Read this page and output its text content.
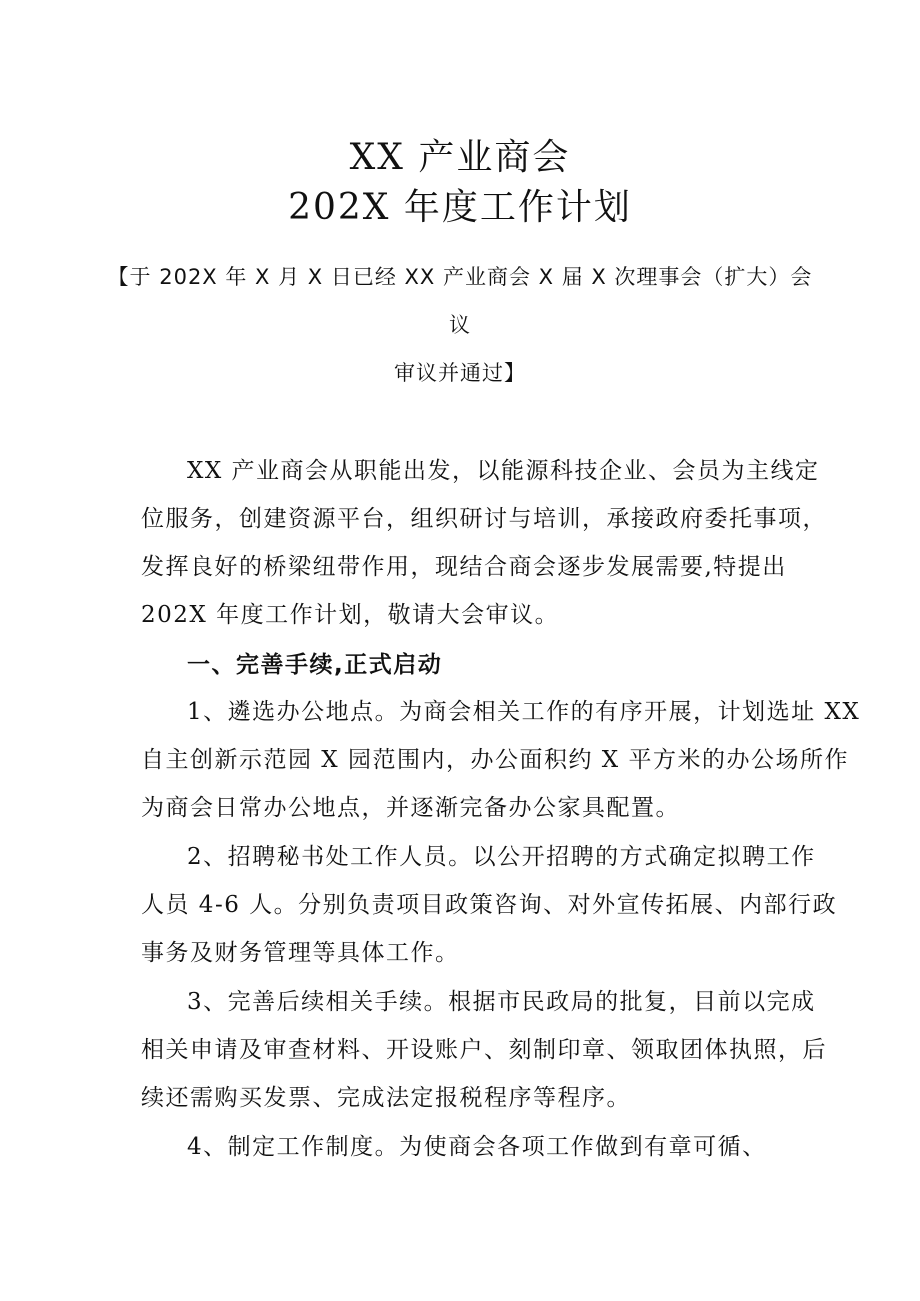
XX 产业商会
202X 年度工作计划

【于 202X 年 X 月 X 日已经 XX 产业商会 X 届 X 次理事会（扩大）会

议

审议并通过】

XX 产业商会从职能出发，以能源科技企业、会员为主线定
位服务，创建资源平台，组织研讨与培训，承接政府委托事项，
发挥良好的桥梁纽带作用，现结合商会逐步发展需要,特提出
202X 年度工作计划，敬请大会审议。
一、完善手续,正式启动
1、遴选办公地点。为商会相关工作的有序开展，计划选址 XX
自主创新示范园 X 园范围内，办公面积约 X 平方米的办公场所作
为商会日常办公地点，并逐渐完备办公家具配置。
2、招聘秘书处工作人员。以公开招聘的方式确定拟聘工作
人员 4-6 人。分别负责项目政策咨询、对外宣传拓展、内部行政
事务及财务管理等具体工作。
3、完善后续相关手续。根据市民政局的批复，目前以完成
相关申请及审查材料、开设账户、刻制印章、领取团体执照，后
续还需购买发票、完成法定报税程序等程序。
4、制定工作制度。为使商会各项工作做到有章可循、
